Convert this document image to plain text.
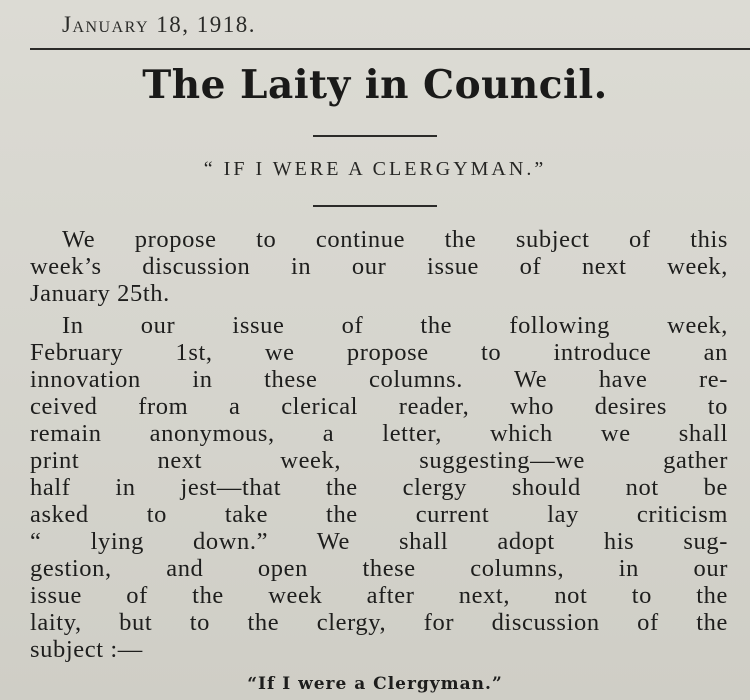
January 18, 1918.
The Laity in Council.
“ IF I WERE A CLERGYMAN.”
We propose to continue the subject of this
week’s discussion in our issue of next week,
January 25th.
In our issue of the following week,
February 1st, we propose to introduce an
innovation in these columns. We have re-
ceived from a clerical reader, who desires to
remain anonymous, a letter, which we shall
print next week, suggesting—we gather
half in jest—that the clergy should not be
asked to take the current lay criticism
“ lying down.” We shall adopt his sug-
gestion, and open these columns, in our
issue of the week after next, not to the
laity, but to the clergy, for discussion of the
subject :—
“If I were a Clergyman.”
